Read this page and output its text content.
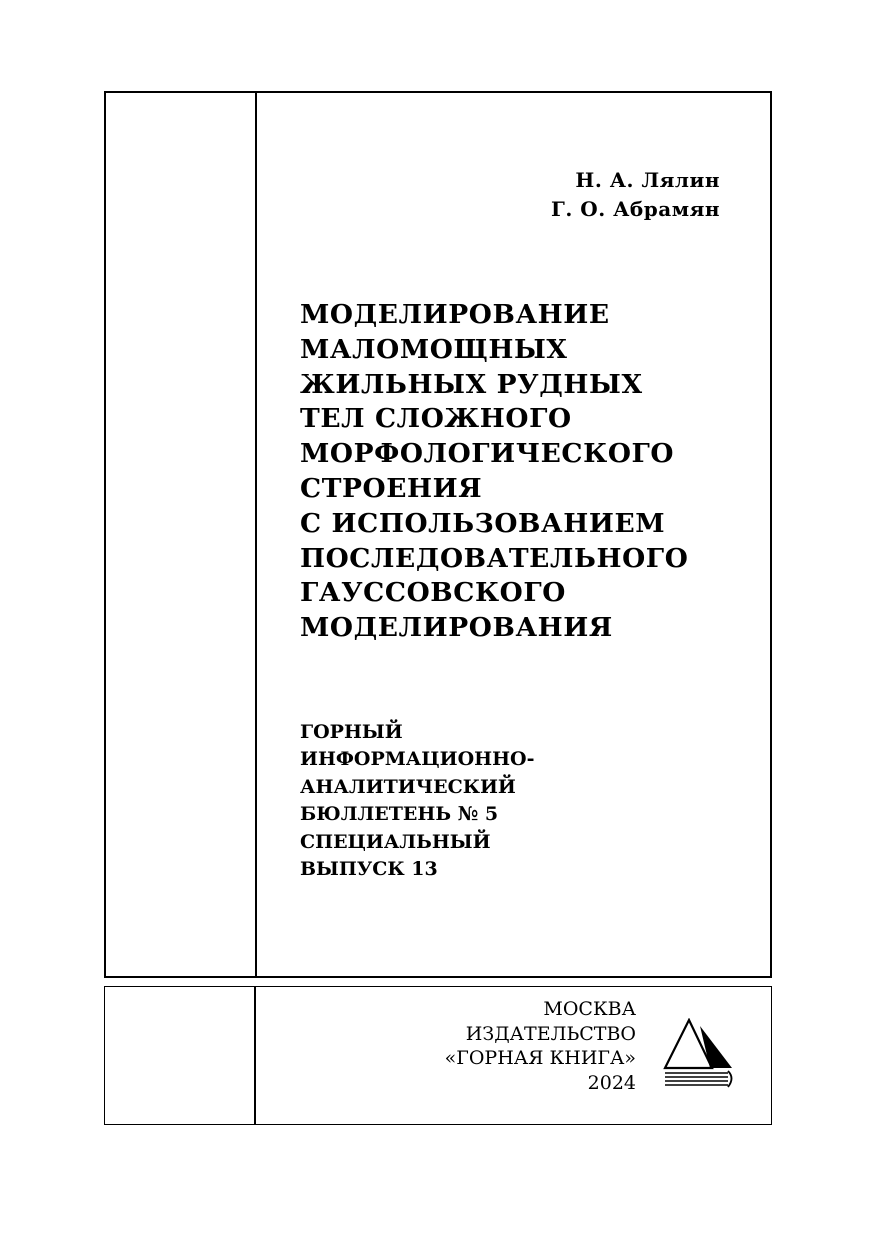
Н. А. Лялин
Г. О. Абрамян
МОДЕЛИРОВАНИЕ
МАЛОМОЩНЫХ
ЖИЛЬНЫХ РУДНЫХ
ТЕЛ СЛОЖНОГО
МОРФОЛОГИЧЕСКОГО
СТРОЕНИЯ
С ИСПОЛЬЗОВАНИЕМ
ПОСЛЕДОВАТЕЛЬНОГО
ГАУССОВСКОГО
МОДЕЛИРОВАНИЯ
ГОРНЫЙ
ИНФОРМАЦИОННО-
АНАЛИТИЧЕСКИЙ
БЮЛЛЕТЕНЬ № 5
СПЕЦИАЛЬНЫЙ
ВЫПУСК 13
МОСКВА
ИЗДАТЕЛЬСТВО
«ГОРНАЯ КНИГА»
2024
